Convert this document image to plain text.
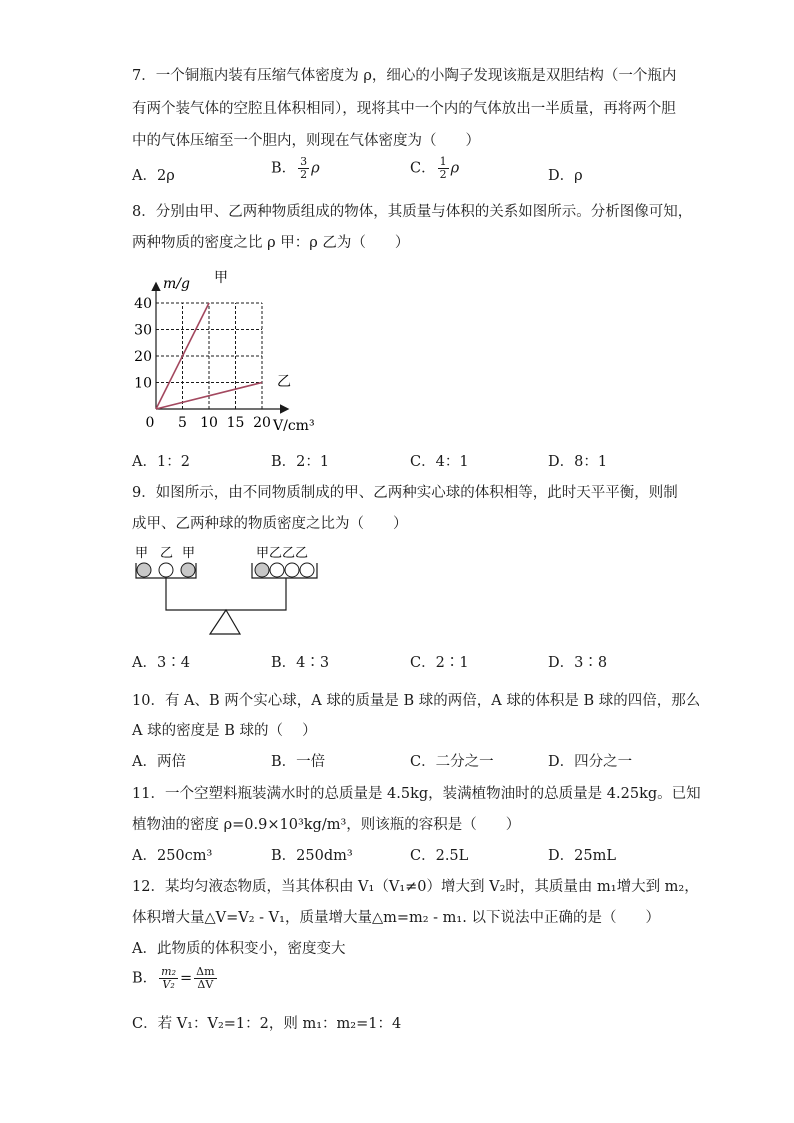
7．一个铜瓶内装有压缩气体密度为 ρ，细心的小陶子发现该瓶是双胆结构（一个瓶内
有两个装气体的空腔且体积相同），现将其中一个内的气体放出一半质量，再将两个胆
中的气体压缩至一个胆内，则现在气体密度为（　　）
A．2ρ	B． $\frac{3}{2}$ ρ	C． $\frac{1}{2}$ ρ	D．ρ
8．分别由甲、乙两种物质组成的物体，其质量与体积的关系如图所示。分析图像可知，
两种物质的密度之比 ρ 甲：ρ 乙为（　　）
0 5 10 15 20
10
20
30
40
m/g
V/cm³
甲
乙
A．1：2	B．2：1	C．4：1	D．8：1
9．如图所示，由不同物质制成的甲、乙两种实心球的体积相等，此时天平平衡，则制
成甲、乙两种球的物质密度之比为（　　）
甲 乙 甲	甲乙乙乙
A．3∶4	B．4∶3	C．2∶1	D．3∶8
10．有 A、B 两个实心球，A 球的质量是 B 球的两倍，A 球的体积是 B 球的四倍，那么
A 球的密度是 B 球的（　 ）
A．两倍	B．一倍	C．二分之一	D．四分之一
11．一个空塑料瓶装满水时的总质量是 4.5kg，装满植物油时的总质量是 4.25kg。已知
植物油的密度 ρ=0.9×10³kg/m³，则该瓶的容积是（　　）
A．250cm³	B．250dm³	C．2.5L	D．25mL
12．某均匀液态物质，当其体积由 V₁（V₁≠0）增大到 V₂时，其质量由 m₁增大到 m₂，
体积增大量△V=V₂ - V₁，质量增大量△m=m₂ - m₁. 以下说法中正确的是（　　）
A．此物质的体积变小，密度变大
B． $\frac{\text{m₂}}{\text{V₂}} = \frac{\Delta m}{\Delta V}$
C．若 V₁：V₂=1：2，则 m₁：m₂=1：4
